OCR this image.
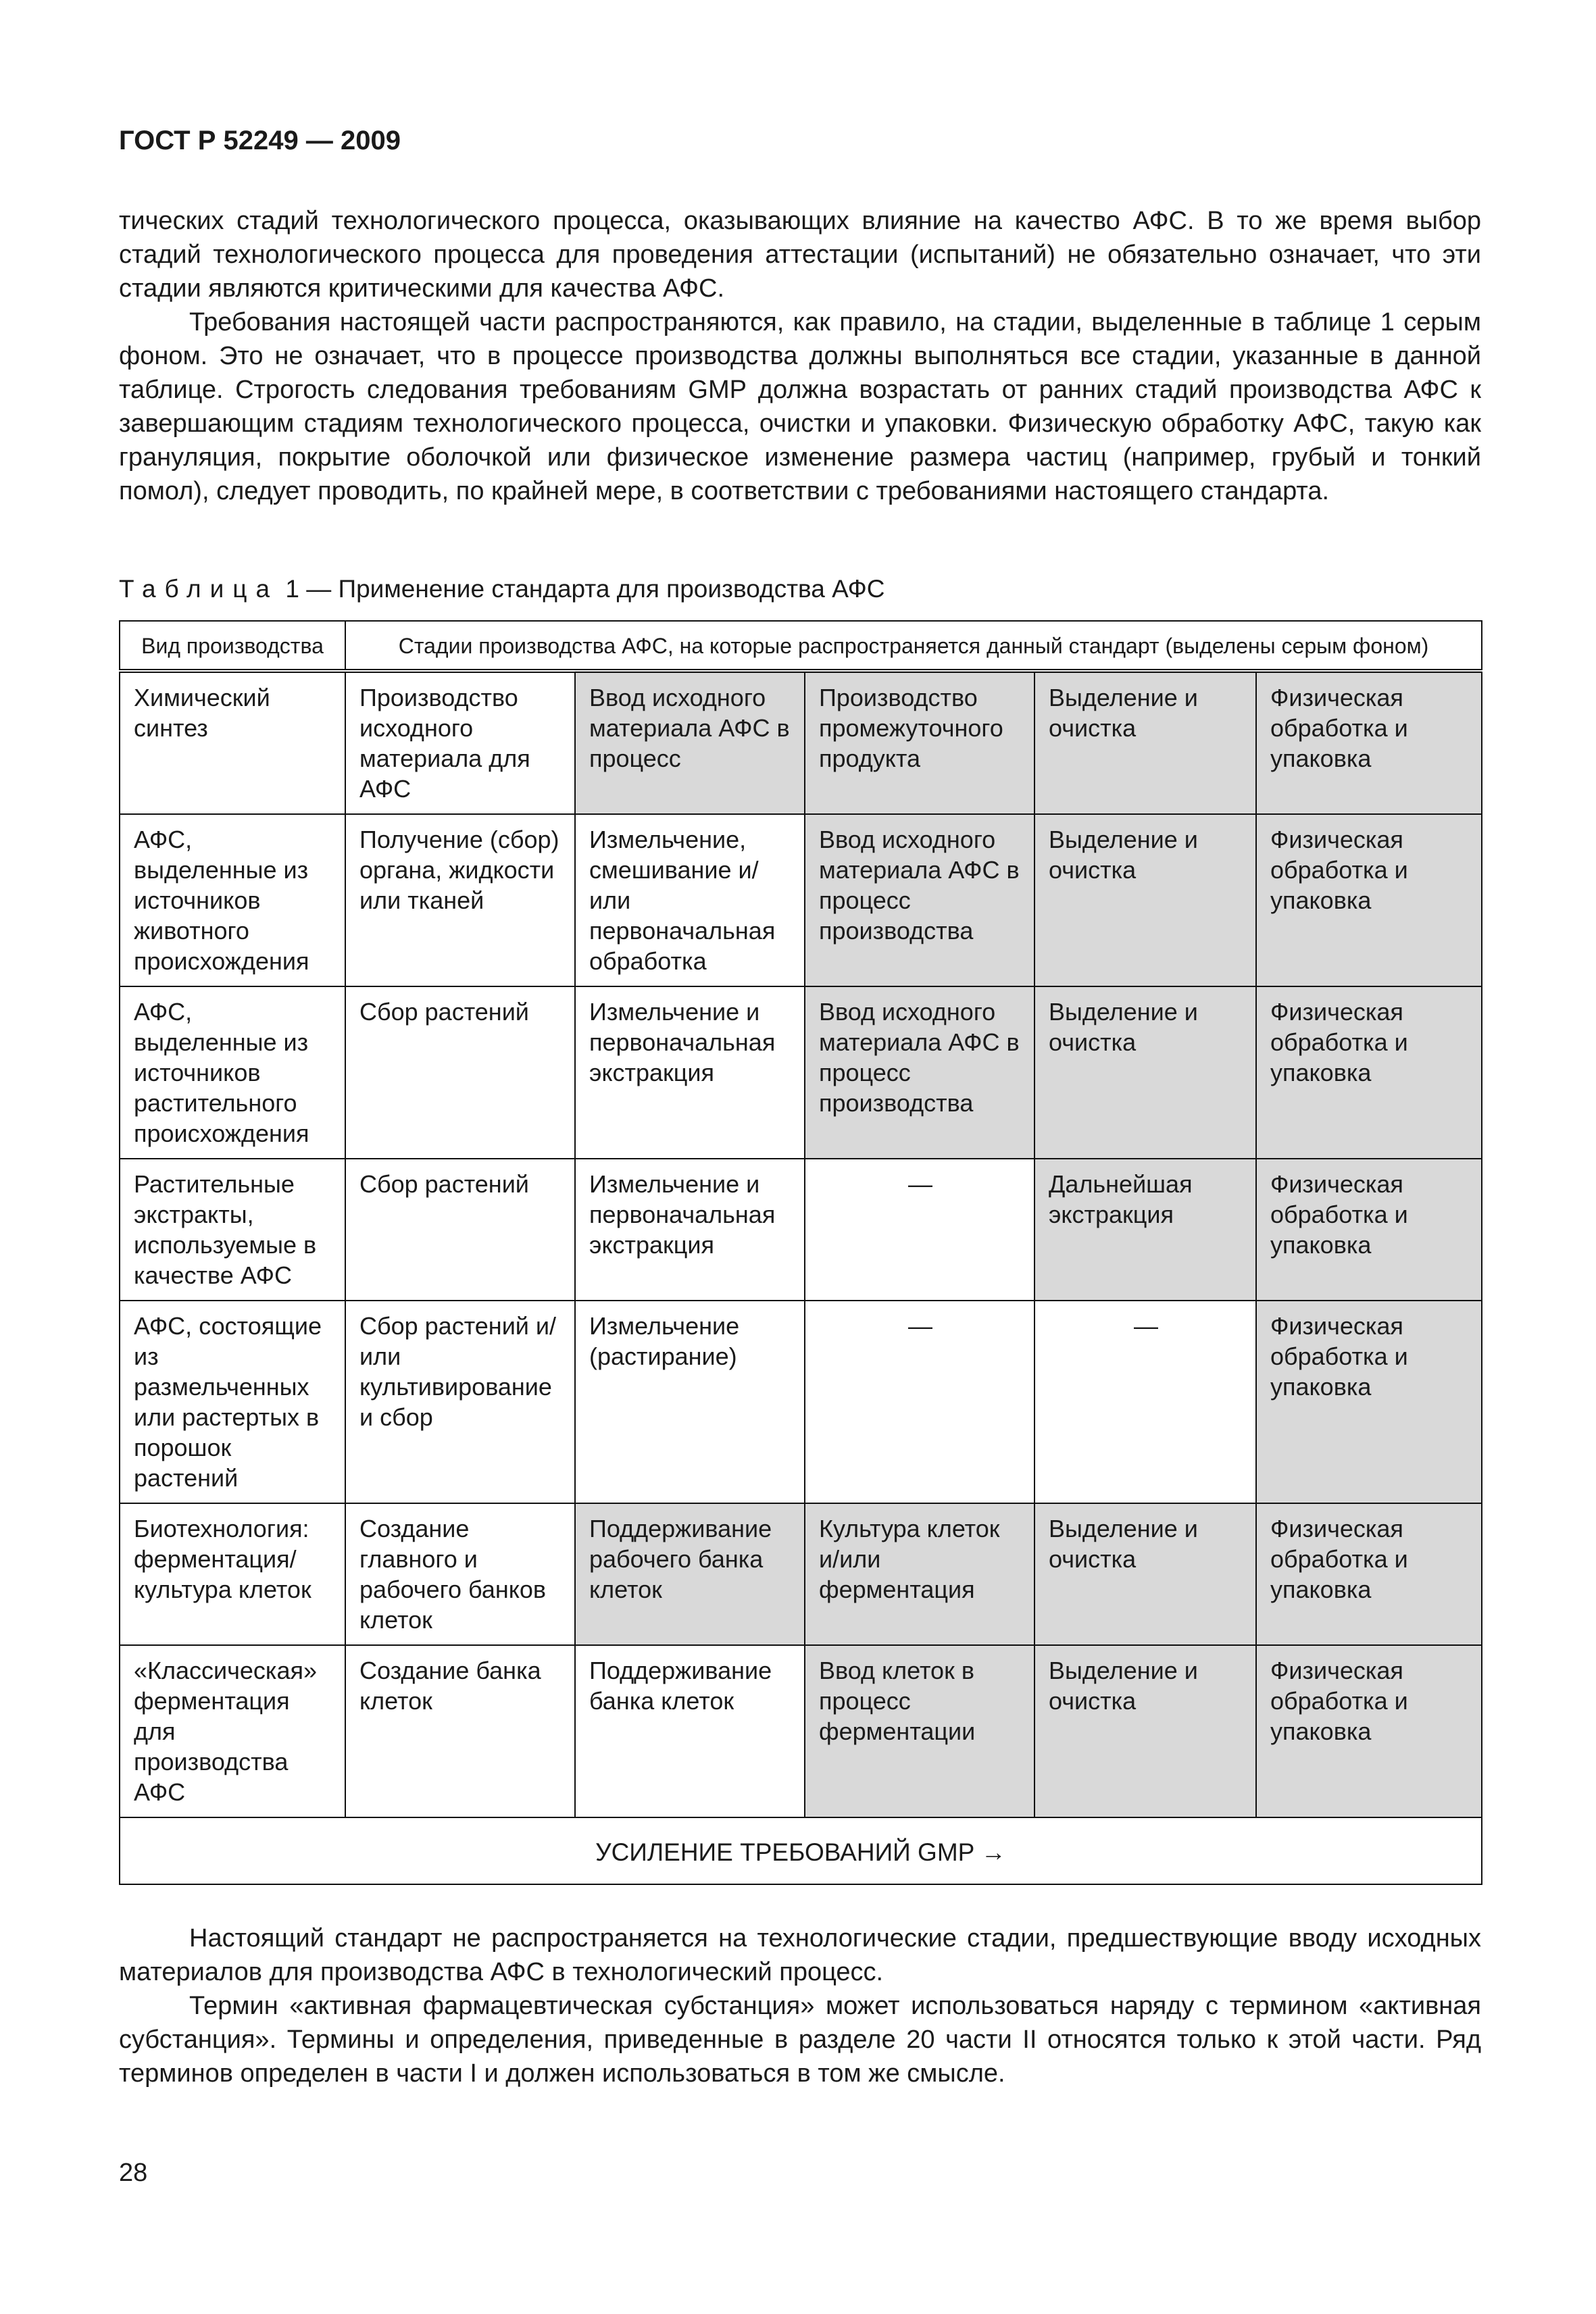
ГОСТ Р 52249 — 2009

тических стадий технологического процесса, оказывающих влияние на качество АФС. В то же время выбор стадий технологического процесса для проведения аттестации (испытаний) не обязательно означает, что эти стадии являются критическими для качества АФС.

Требования настоящей части распространяются, как правило, на стадии, выделенные в таблице 1 серым фоном. Это не означает, что в процессе производства должны выполняться все стадии, указанные в данной таблице. Строгость следования требованиям GMP должна возрастать от ранних стадий производства АФС к завершающим стадиям технологического процесса, очистки и упаковки. Физическую обработку АФС, такую как грануляция, покрытие оболочкой или физическое изменение размера частиц (например, грубый и тонкий помол), следует проводить, по крайней мере, в соответствии с требованиями настоящего стандарта.

Таблица 1 — Применение стандарта для производства АФС
Вид производства	Стадии производства АФС, на которые распространяется данный стандарт (выделены серым фоном)				
Химический синтез	Производство исходного материала для АФС	Ввод исходного материала АФС в процесс	Производство промежуточного продукта	Выделение и очистка	Физическая обработка и упаковка
АФС, выделенные из источников животного происхождения	Получение (сбор) органа, жидкости или тканей	Измельчение, смешивание и/или первоначальная обработка	Ввод исходного материала АФС в процесс производства	Выделение и очистка	Физическая обработка и упаковка
АФС, выделенные из источников растительного происхождения	Сбор растений	Измельчение и первоначальная экстракция	Ввод исходного материала АФС в процесс производства	Выделение и очистка	Физическая обработка и упаковка
Растительные экстракты, используемые в качестве АФС	Сбор растений	Измельчение и первоначальная экстракция	—	Дальнейшая экстракция	Физическая обработка и упаковка
АФС, состоящие из размельченных или растертых в порошок растений	Сбор растений и/или культивирование и сбор	Измельчение (растирание)	—	—	Физическая обработка и упаковка
Биотехнология: ферментация/культура клеток	Создание главного и рабочего банков клеток	Поддерживание рабочего банка клеток	Культура клеток и/или ферментация	Выделение и очистка	Физическая обработка и упаковка
«Классическая» ферментация для производства АФС	Создание банка клеток	Поддерживание банка клеток	Ввод клеток в процесс ферментации	Выделение и очистка	Физическая обработка и упаковка
УСИЛЕНИЕ ТРЕБОВАНИЙ GMP →					

Настоящий стандарт не распространяется на технологические стадии, предшествующие вводу исходных материалов для производства АФС в технологический процесс.

Термин «активная фармацевтическая субстанция» может использоваться наряду с термином «активная субстанция». Термины и определения, приведенные в разделе 20 части II относятся только к этой части. Ряд терминов определен в части I и должен использоваться в том же смысле.

28
